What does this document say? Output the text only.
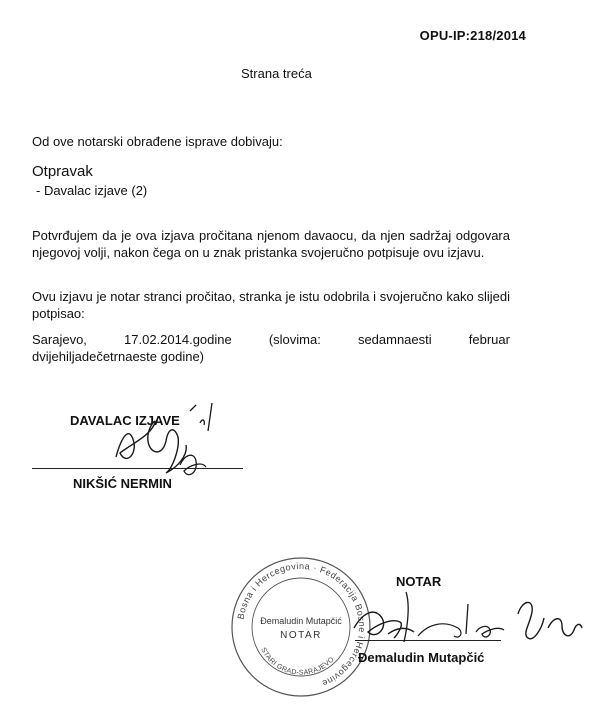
OPU-IP:218/2014
Strana treća
Od ove notarski obrađene isprave dobivaju:
Otpravak
- Davalac izjave (2)
Potvrđujem da je ova izjava pročitana njenom davaocu, da njen sadržaj odgovara njegovoj volji, nakon čega on u znak pristanka svojeručno potpisuje ovu izjavu.
Ovu izjavu je notar stranci pročitao, stranka je istu odobrila i svojeručno kako slijedi potpisao:
Sarajevo,	17.02.2014.godine	(slovima:	sedamnaesti	februar
dvijehiljadečetrnaeste godine)
DAVALAC IZJAVE
NIKŠIĆ NERMIN
Bosna i Hercegovina · Federacija Bosne i Hercegovine
Đemaludin Mutapčić
NOTAR
STARI GRAD-SARAJEVO
NOTAR
Đemaludin Mutapčić
